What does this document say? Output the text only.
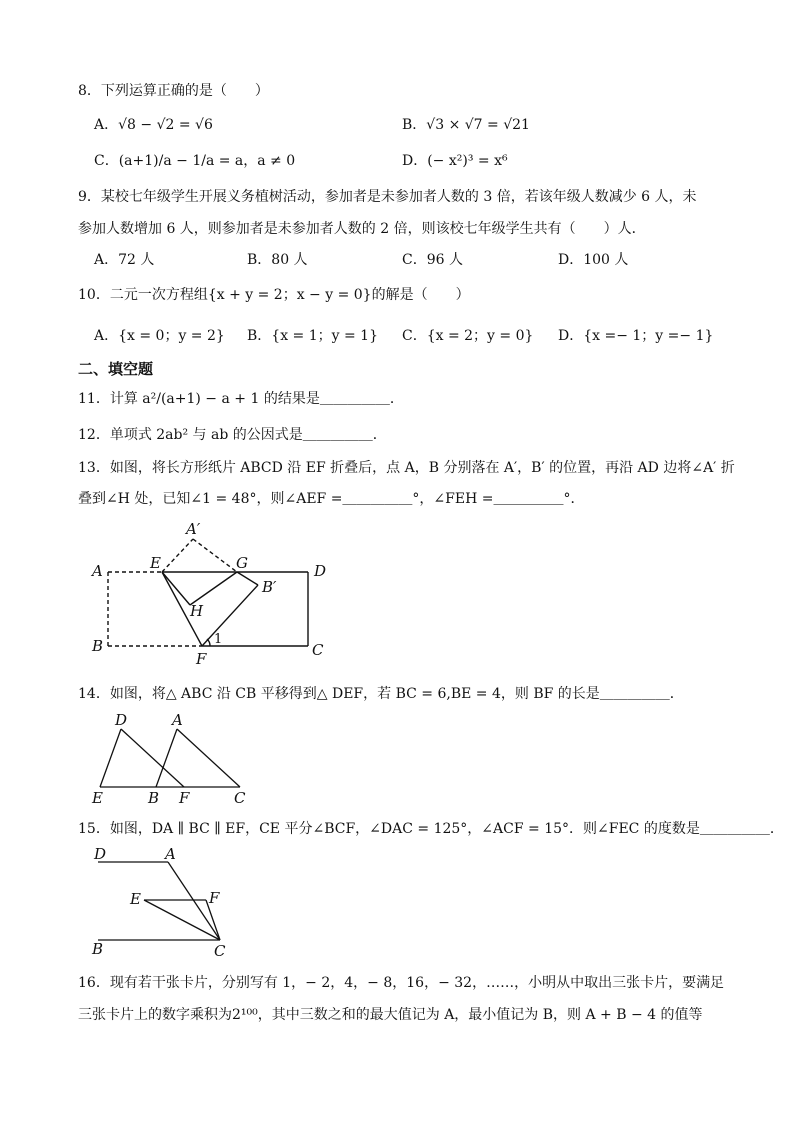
8．下列运算正确的是（　　）
A．√8 − √2 = √6	B．√3 × √7 = √21
C．(a+1)/a − 1/a = a，a ≠ 0	D．(− x²)³ = x⁶
9．某校七年级学生开展义务植树活动，参加者是未参加者人数的 3 倍，若该年级人数减少 6 人，未
参加人数增加 6 人，则参加者是未参加者人数的 2 倍，则该校七年级学生共有（　　）人．
A．72 人	B．80 人	C．96 人	D．100 人
10．二元一次方程组{x + y = 2；x − y = 0}的解是（　　）
A．{x = 0；y = 2} B．{x = 1；y = 1} C．{x = 2；y = 0} D．{x =− 1；y =− 1}
二、填空题
11．计算 a²/(a+1) − a + 1 的结果是＿＿＿＿＿．
12．单项式 2ab² 与 ab 的公因式是＿＿＿＿＿．
13．如图，将长方形纸片 ABCD 沿 EF 折叠后，点 A，B 分别落在 A′，B′ 的位置，再沿 AD 边将∠A′ 折
叠到∠H 处，已知∠1 = 48°，则∠AEF =＿＿＿＿＿°，∠FEH =＿＿＿＿＿°．
A	E
A′
G	D
B′
H
1
B
F	C
14．如图，将△ ABC 沿 CB 平移得到△ DEF，若 BC = 6,BE = 4，则 BF 的长是＿＿＿＿＿．
D	A
E	B F	C
15．如图，DA ∥ BC ∥ EF，CE 平分∠BCF，∠DAC = 125°，∠ACF = 15°．则∠FEC 的度数是＿＿＿＿＿．
D	A
E	F
B	C
16．现有若干张卡片，分别写有 1，− 2，4，− 8，16，− 32，……，小明从中取出三张卡片，要满足
三张卡片上的数字乘积为2¹⁰⁰，其中三数之和的最大值记为 A，最小值记为 B，则 A + B − 4 的值等
